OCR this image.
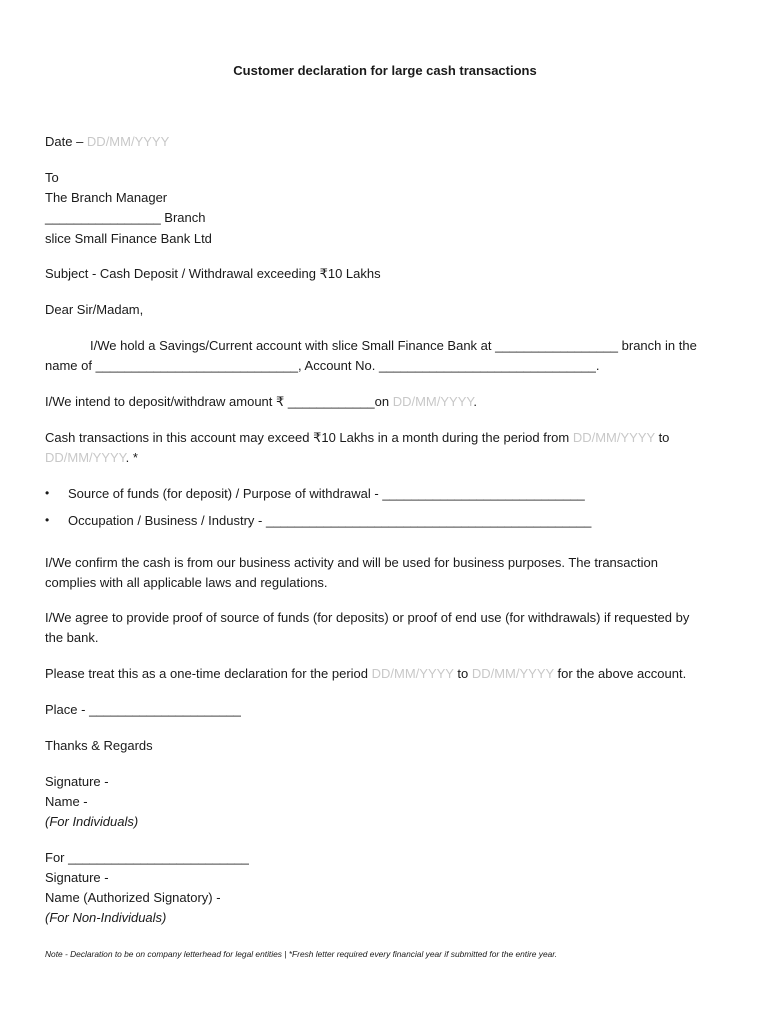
Customer declaration for large cash transactions
Date – DD/MM/YYYY
To
The Branch Manager
________________ Branch
slice Small Finance Bank Ltd
Subject - Cash Deposit / Withdrawal exceeding ₹10 Lakhs
Dear Sir/Madam,
I/We hold a Savings/Current account with slice Small Finance Bank at _________________ branch in the
name of ____________________________, Account No. ______________________________.
I/We intend to deposit/withdraw amount ₹ ____________on DD/MM/YYYY.
Cash transactions in this account may exceed ₹10 Lakhs in a month during the period from DD/MM/YYYY to
DD/MM/YYYY. *
• Source of funds (for deposit) / Purpose of withdrawal - ____________________________
• Occupation / Business / Industry - _____________________________________________
I/We confirm the cash is from our business activity and will be used for business purposes. The transaction
complies with all applicable laws and regulations.
I/We agree to provide proof of source of funds (for deposits) or proof of end use (for withdrawals) if requested by
the bank.
Please treat this as a one-time declaration for the period DD/MM/YYYY to DD/MM/YYYY for the above account.
Place - _____________________
Thanks & Regards
Signature -
Name -
(For Individuals)
For _________________________
Signature -
Name (Authorized Signatory) -
(For Non-Individuals)
Note - Declaration to be on company letterhead for legal entities | *Fresh letter required every financial year if submitted for the entire year.
